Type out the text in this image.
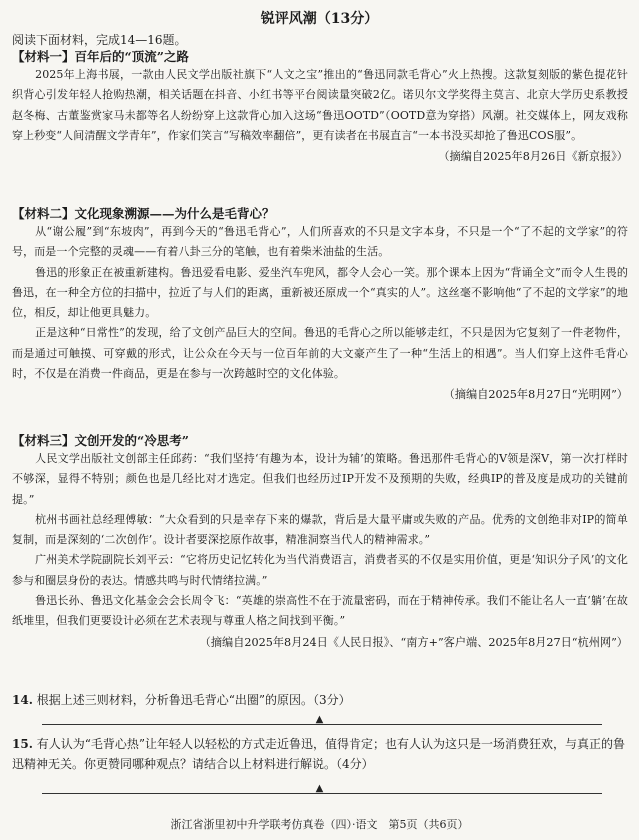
锐评风潮（13分）
阅读下面材料，完成14—16题。
【材料一】百年后的“顶流”之路

2025年上海书展，一款由人民文学出版社旗下“人文之宝”推出的“鲁迅同款毛背心”火上热搜。这款复刻版的紫色提花针织背心引发年轻人抢购热潮，相关话题在抖音、小红书等平台阅读量突破2亿。诺贝尔文学奖得主莫言、北京大学历史系教授赵冬梅、古董鉴赏家马未都等名人纷纷穿上这款背心加入这场“鲁迅OOTD”（OOTD意为穿搭）风潮。社交媒体上，网友戏称穿上秒变“人间清醒文学青年”，作家们笑言“写稿效率翻倍”，更有读者在书展直言“一本书没买却抢了鲁迅COS服”。

（摘编自2025年8月26日《新京报》）
【材料二】文化现象溯源——为什么是毛背心？

从“谢公履”到“东坡肉”，再到今天的“鲁迅毛背心”，人们所喜欢的不只是文字本身，不只是一个“了不起的文学家”的符号，而是一个完整的灵魂——有着八卦三分的笔触，也有着柴米油盐的生活。

鲁迅的形象正在被重新建构。鲁迅爱看电影、爱坐汽车兜风，都令人会心一笑。那个课本上因为“背诵全文”而令人生畏的鲁迅，在一种全方位的扫描中，拉近了与人们的距离，重新被还原成一个“真实的人”。这丝毫不影响他“了不起的文学家”的地位，相反，却让他更具魅力。

正是这种“日常性”的发现，给了文创产品巨大的空间。鲁迅的毛背心之所以能够走红，不只是因为它复刻了一件老物件，而是通过可触摸、可穿戴的形式，让公众在今天与一位百年前的大文豪产生了一种“生活上的相遇”。当人们穿上这件毛背心时，不仅是在消费一件商品，更是在参与一次跨越时空的文化体验。

（摘编自2025年8月27日“光明网”）
【材料三】文创开发的“冷思考”

人民文学出版社文创部主任邱药：“我们坚持‘有趣为本，设计为辅’的策略。鲁迅那件毛背心的V领是深V，第一次打样时不够深，显得不特别；颜色也是几经比对才选定。但我们也经历过IP开发不及预期的失败，经典IP的普及度是成功的关键前提。”

杭州书画社总经理傅敏：“大众看到的只是幸存下来的爆款，背后是大量平庸或失败的产品。优秀的文创绝非对IP的简单复制，而是深刻的‘二次创作’。设计者要深挖原作故事，精准洞察当代人的精神需求。”

广州美术学院副院长刘平云：“它将历史记忆转化为当代消费语言，消费者买的不仅是实用价值，更是‘知识分子风’的文化参与和圈层身份的表达。情感共鸣与时代情绪拉满。”

鲁迅长孙、鲁迅文化基金会会长周令飞：“英雄的崇高性不在于流量密码，而在于精神传承。我们不能让名人一直‘躺’在故纸堆里，但我们更要设计必须在艺术表现与尊重人格之间找到平衡。”

（摘编自2025年8月24日《人民日报》、“南方+”客户端、2025年8月27日“杭州网”）
14. 根据上述三则材料，分析鲁迅毛背心“出圈”的原因。（3分）
▲
15. 有人认为“毛背心热”让年轻人以轻松的方式走近鲁迅，值得肯定；也有人认为这只是一场消费狂欢，与真正的鲁迅精神无关。你更赞同哪种观点？请结合以上材料进行解说。（4分）
▲
浙江省浙里初中升学联考仿真卷（四）·语文　第5页（共6页）
